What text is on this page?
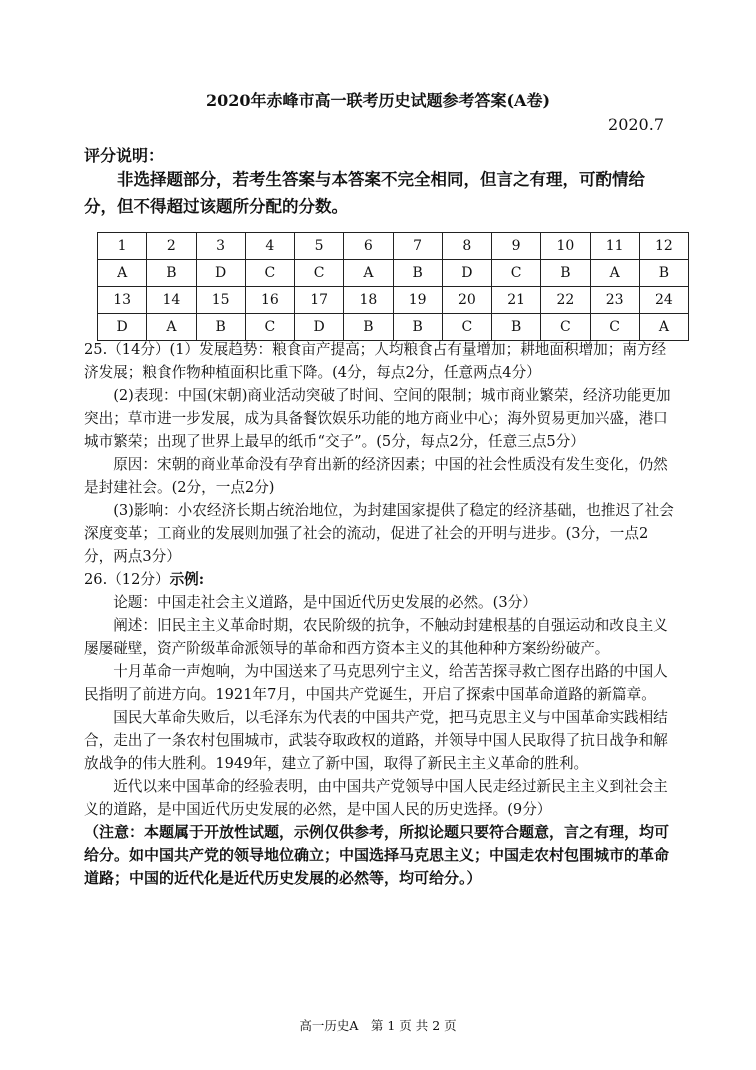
2020年赤峰市高一联考历史试题参考答案(A卷)
2020.7
评分说明：
非选择题部分，若考生答案与本答案不完全相同，但言之有理，可酌情给分，但不得超过该题所分配的分数。
1	2	3	4	5	6	7	8	9	10	11	12
A	B	D	C	C	A	B	D	C	B	A	B
13	14	15	16	17	18	19	20	21	22	23	24
D	A	B	C	D	B	B	C	B	C	C	A

25.（14分）(1）发展趋势：粮食亩产提高；人均粮食占有量增加；耕地面积增加；南方经济发展；粮食作物种植面积比重下降。(4分，每点2分，任意两点4分）

(2)表现：中国(宋朝)商业活动突破了时间、空间的限制；城市商业繁荣，经济功能更加突出；草市进一步发展，成为具备餐饮娱乐功能的地方商业中心；海外贸易更加兴盛，港口城市繁荣；出现了世界上最早的纸币“交子”。(5分，每点2分，任意三点5分）

原因：宋朝的商业革命没有孕育出新的经济因素；中国的社会性质没有发生变化，仍然是封建社会。(2分，一点2分)

(3)影响：小农经济长期占统治地位，为封建国家提供了稳定的经济基础，也推迟了社会深度变革；工商业的发展则加强了社会的流动，促进了社会的开明与进步。(3分，一点2分，两点3分）

26.（12分）示例:

论题：中国走社会主义道路，是中国近代历史发展的必然。(3分）

阐述：旧民主主义革命时期，农民阶级的抗争，不触动封建根基的自强运动和改良主义屡屡碰壁，资产阶级革命派领导的革命和西方资本主义的其他种种方案纷纷破产。

十月革命一声炮响，为中国送来了马克思列宁主义，给苦苦探寻救亡图存出路的中国人民指明了前进方向。1921年7月，中国共产党诞生，开启了探索中国革命道路的新篇章。

国民大革命失败后，以毛泽东为代表的中国共产党，把马克思主义与中国革命实践相结合，走出了一条农村包围城市，武装夺取政权的道路，并领导中国人民取得了抗日战争和解放战争的伟大胜利。1949年，建立了新中国，取得了新民主主义革命的胜利。

近代以来中国革命的经验表明，由中国共产党领导中国人民走经过新民主主义到社会主义的道路，是中国近代历史发展的必然，是中国人民的历史选择。(9分）

（注意：本题属于开放性试题，示例仅供参考，所拟论题只要符合题意，言之有理，均可给分。如中国共产党的领导地位确立；中国选择马克思主义；中国走农村包围城市的革命道路；中国的近代化是近代历史发展的必然等，均可给分。）

高一历史A　第 1 页 共 2 页
